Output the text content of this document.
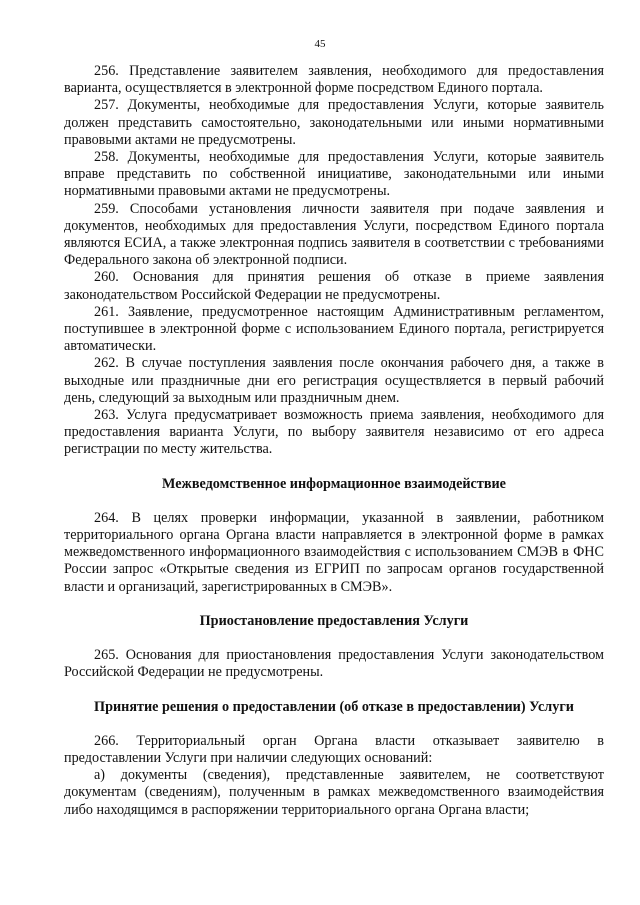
45

256. Представление заявителем заявления, необходимого для предоставления варианта, осуществляется в электронной форме посредством Единого портала.

257. Документы, необходимые для предоставления Услуги, которые заявитель должен представить самостоятельно, законодательными или иными нормативными правовыми актами не предусмотрены.

258. Документы, необходимые для предоставления Услуги, которые заявитель вправе представить по собственной инициативе, законодательными или иными нормативными правовыми актами не предусмотрены.

259. Способами установления личности заявителя при подаче заявления и документов, необходимых для предоставления Услуги, посредством Единого портала являются ЕСИА, а также электронная подпись заявителя в соответствии с требованиями Федерального закона об электронной подписи.

260. Основания для принятия решения об отказе в приеме заявления законодательством Российской Федерации не предусмотрены.

261. Заявление, предусмотренное настоящим Административным регламентом, поступившее в электронной форме с использованием Единого портала, регистрируется автоматически.

262. В случае поступления заявления после окончания рабочего дня, а также в выходные или праздничные дни его регистрация осуществляется в первый рабочий день, следующий за выходным или праздничным днем.

263. Услуга предусматривает возможность приема заявления, необходимого для предоставления варианта Услуги, по выбору заявителя независимо от его адреса регистрации по месту жительства.

Межведомственное информационное взаимодействие

264. В целях проверки информации, указанной в заявлении, работником территориального органа Органа власти направляется в электронной форме в рамках межведомственного информационного взаимодействия с использованием СМЭВ в ФНС России запрос «Открытые сведения из ЕГРИП по запросам органов государственной власти и организаций, зарегистрированных в СМЭВ».

Приостановление предоставления Услуги

265. Основания для приостановления предоставления Услуги законодательством Российской Федерации не предусмотрены.

Принятие решения о предоставлении (об отказе в предоставлении) Услуги

266. Территориальный орган Органа власти отказывает заявителю в предоставлении Услуги при наличии следующих оснований:

а) документы (сведения), представленные заявителем, не соответствуют документам (сведениям), полученным в рамках межведомственного взаимодействия либо находящимся в распоряжении территориального органа Органа власти;
